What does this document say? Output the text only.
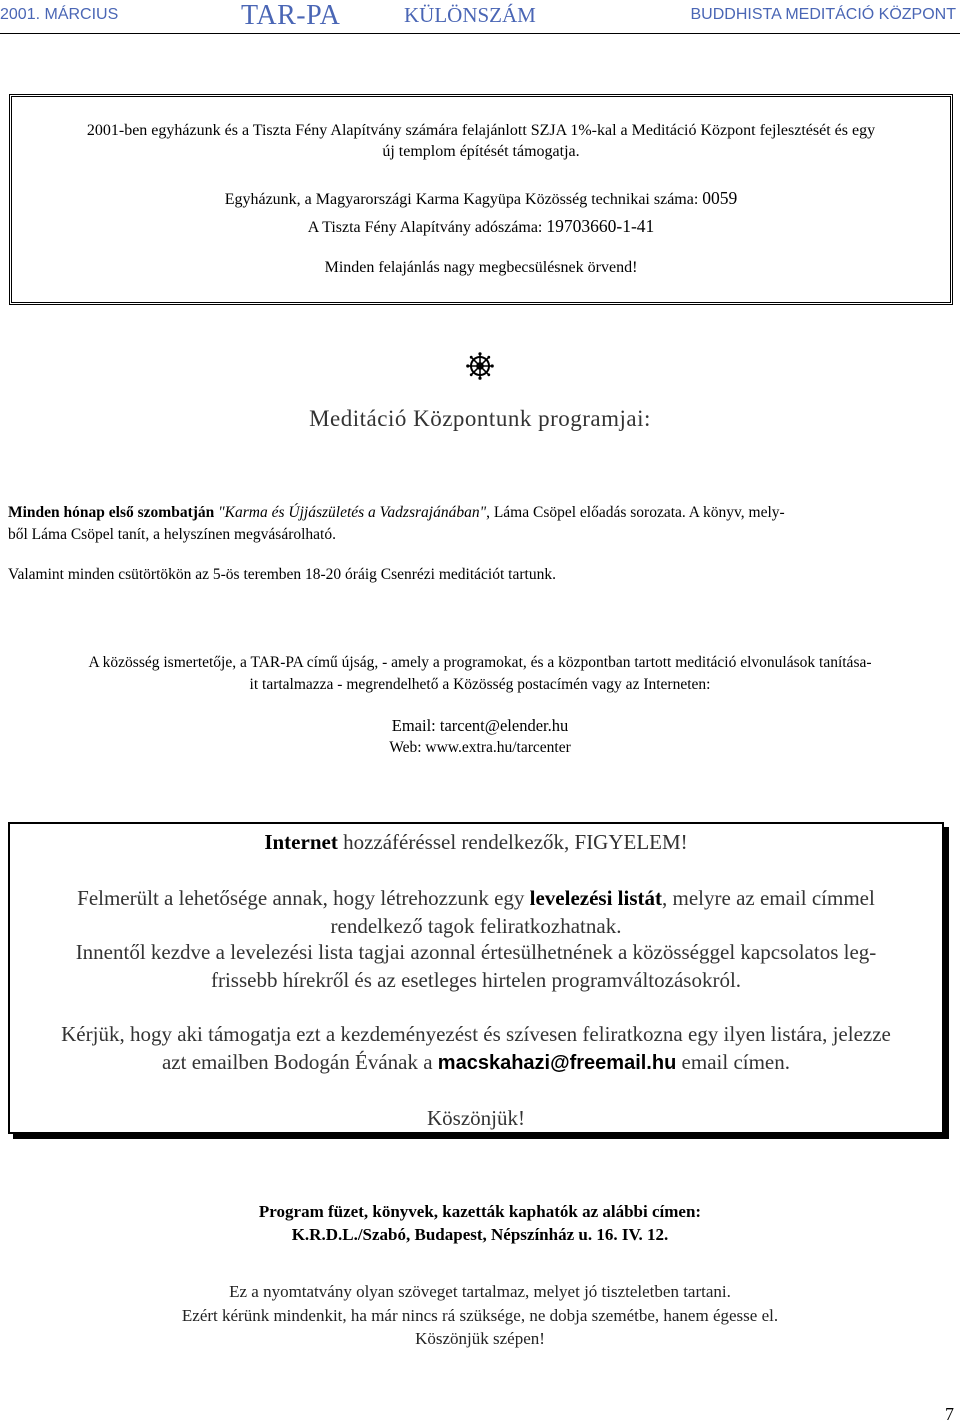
2001. MÁRCIUS	TAR-PA	KÜLÖNSZÁM	BUDDHISTA MEDITÁCIÓ KÖZPONT
2001-ben egyházunk és a Tiszta Fény Alapítvány számára felajánlott SZJA 1%-kal a Meditáció Központ fejlesztését és egy
új templom építését támogatja.
Egyházunk, a Magyarországi Karma Kagyüpa Közösség technikai száma: 0059
A Tiszta Fény Alapítvány adószáma: 19703660-1-41
Minden felajánlás nagy megbecsülésnek örvend!
Meditáció Központunk programjai:
Minden hónap első szombatján "Karma és Újjászületés a Vadzsrajánában", Láma Csöpel előadás sorozata. A könyv, mely-
ből Láma Csöpel tanít, a helyszínen megvásárolható.
Valamint minden csütörtökön az 5-ös teremben 18-20 óráig Csenrézi meditációt tartunk.
A közösség ismertetője, a TAR-PA című újság, - amely a programokat, és a központban tartott meditáció elvonulások tanítása-
it tartalmazza - megrendelhető a Közösség postacímén vagy az Interneten:
Email: tarcent@elender.hu
Web: www.extra.hu/tarcenter
Internet hozzáféréssel rendelkezők, FIGYELEM!
Felmerült a lehetősége annak, hogy létrehozzunk egy levelezési listát, melyre az email címmel
rendelkező tagok feliratkozhatnak.
Innentől kezdve a levelezési lista tagjai azonnal értesülhetnének a közösséggel kapcsolatos leg-
frissebb hírekről és az esetleges hirtelen programváltozásokról.
Kérjük, hogy aki támogatja ezt a kezdeményezést és szívesen feliratkozna egy ilyen listára, jelezze
azt emailben Bodogán Évának a macskahazi@freemail.hu email címen.
Köszönjük!
Program füzet, könyvek, kazetták kaphatók az alábbi címen:
K.R.D.L./Szabó, Budapest, Népszínház u. 16. IV. 12.
Ez a nyomtatvány olyan szöveget tartalmaz, melyet jó tiszteletben tartani.
Ezért kérünk mindenkit, ha már nincs rá szüksége, ne dobja szemétbe, hanem égesse el.
Köszönjük szépen!
7
